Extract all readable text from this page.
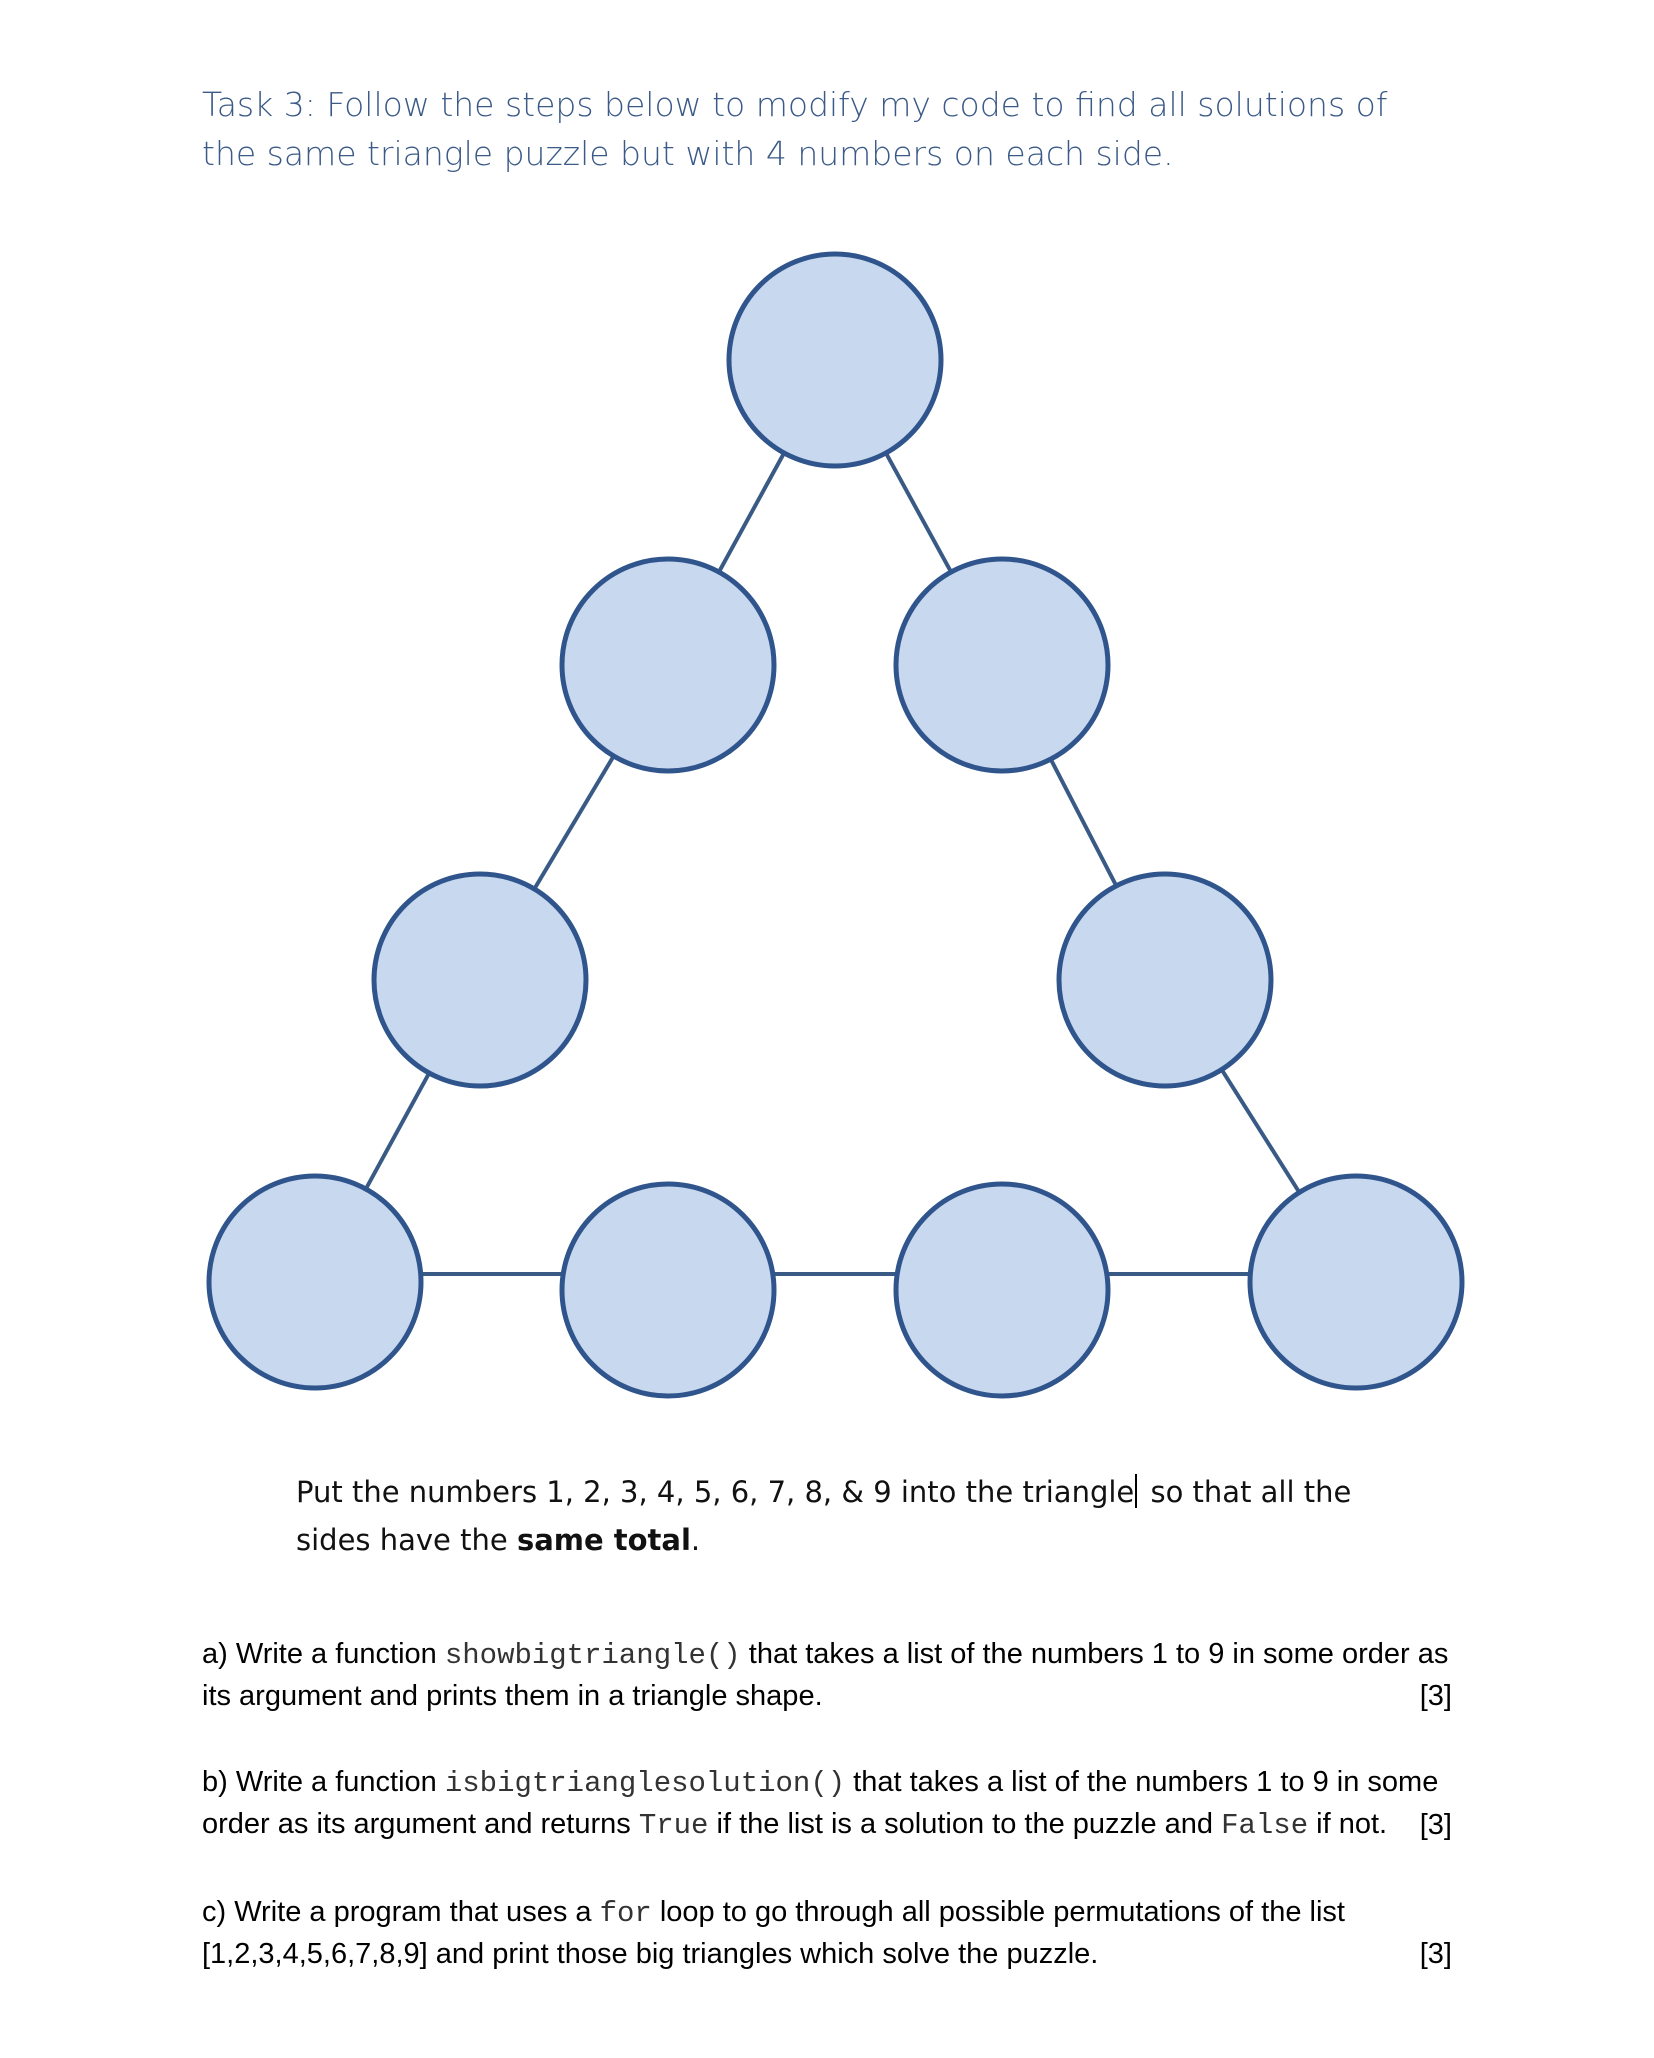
Task 3: Follow the steps below to modify my code to find all solutions of the same triangle puzzle but with 4 numbers on each side.

Put the numbers 1, 2, 3, 4, 5, 6, 7, 8, & 9 into the triangle so that all the sides have the same total.

a) Write a function showbigtriangle() that takes a list of the numbers 1 to 9 in some order as its argument and prints them in a triangle shape.	[3]

b) Write a function isbigtrianglesolution() that takes a list of the numbers 1 to 9 in some order as its argument and returns True if the list is a solution to the puzzle and False if not. [3]

c) Write a program that uses a for loop to go through all possible permutations of the list [1,2,3,4,5,6,7,8,9] and print those big triangles which solve the puzzle.	[3]
